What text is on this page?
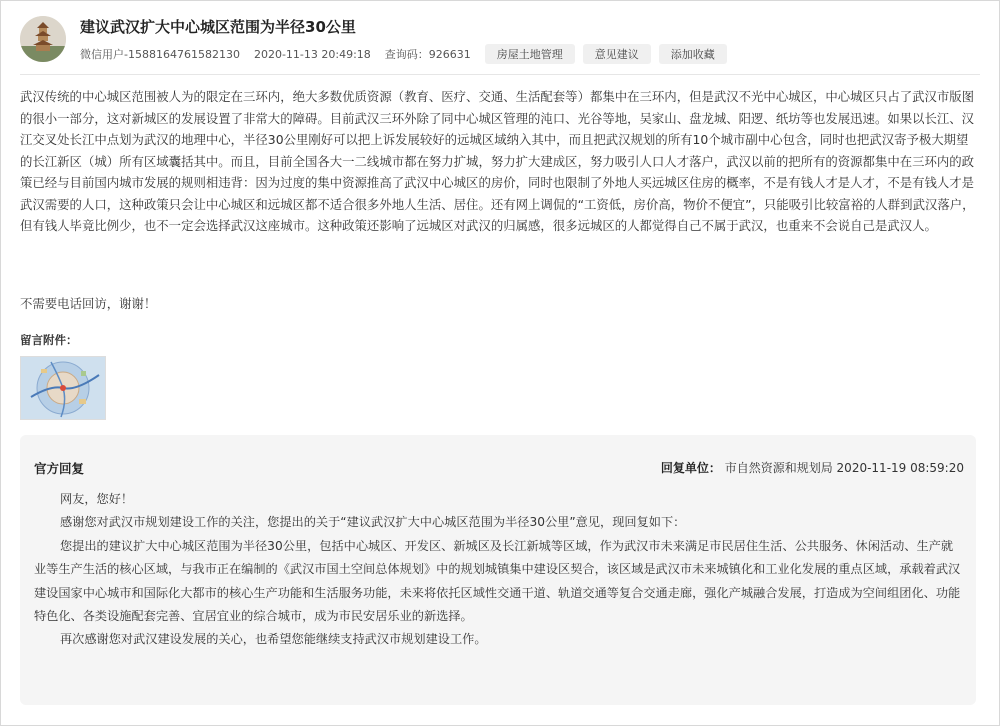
建议武汉扩大中心城区范围为半径30公里
微信用户-1588164761582130 2020-11-13 20:49:18 查询码：926631	房屋土地管理	意见建议	添加收藏
武汉传统的中心城区范围被人为的限定在三环内，绝大多数优质资源（教育、医疗、交通、生活配套等）都集中在三环内，但是武汉不光中心城区，中心城区只占了武汉市版图的很小一部分，这对新城区的发展设置了非常大的障碍。目前武汉三环外除了同中心城区管理的沌口、光谷等地，吴家山、盘龙城、阳逻、纸坊等也发展迅速。如果以长江、汉江交叉处长江中点划为武汉的地理中心，半径30公里刚好可以把上诉发展较好的远城区域纳入其中，而且把武汉规划的所有10个城市副中心包含，同时也把武汉寄予极大期望的长江新区（城）所有区域囊括其中。而且，目前全国各大一二线城市都在努力扩城，努力扩大建成区，努力吸引人口人才落户，武汉以前的把所有的资源都集中在三环内的政策已经与目前国内城市发展的规则相违背：因为过度的集中资源推高了武汉中心城区的房价，同时也限制了外地人买远城区住房的概率，不是有钱人才是人才，不是有钱人才是武汉需要的人口，这种政策只会让中心城区和远城区都不适合很多外地人生活、居住。还有网上调侃的“工资低，房价高，物价不便宜”，只能吸引比较富裕的人群到武汉落户，但有钱人毕竟比例少，也不一定会选择武汉这座城市。这种政策还影响了远城区对武汉的归属感，很多远城区的人都觉得自己不属于武汉，也重来不会说自己是武汉人。
不需要电话回访，谢谢！
留言附件：
官方回复	回复单位： 市自然资源和规划局 2020-11-19 08:59:20

网友，您好！

感谢您对武汉市规划建设工作的关注，您提出的关于“建议武汉扩大中心城区范围为半径30公里”意见，现回复如下：

您提出的建议扩大中心城区范围为半径30公里，包括中心城区、开发区、新城区及长江新城等区域，作为武汉市未来满足市民居住生活、公共服务、休闲活动、生产就业等生产生活的核心区域，与我市正在编制的《武汉市国土空间总体规划》中的规划城镇集中建设区契合，该区域是武汉市未来城镇化和工业化发展的重点区域，承载着武汉建设国家中心城市和国际化大都市的核心生产功能和生活服务功能，未来将依托区域性交通干道、轨道交通等复合交通走廊，强化产城融合发展，打造成为空间组团化、功能特色化、各类设施配套完善、宜居宜业的综合城市，成为市民安居乐业的新选择。

再次感谢您对武汉建设发展的关心，也希望您能继续支持武汉市规划建设工作。
